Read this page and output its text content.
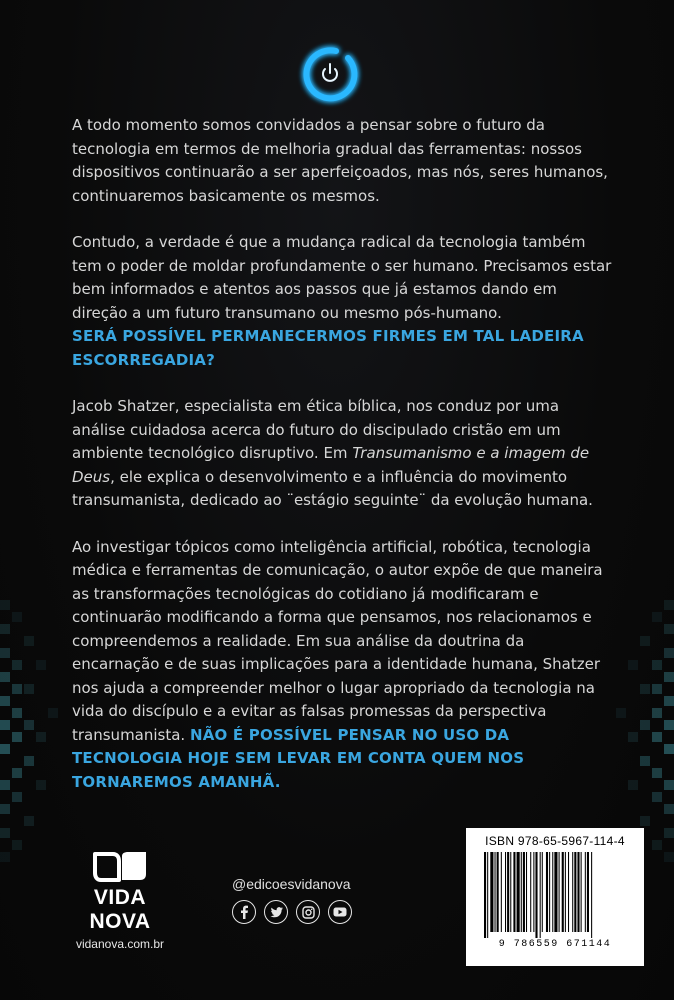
A todo momento somos convidados a pensar sobre o futuro da tecnologia em termos de melhoria gradual das ferramentas: nossos dispositivos continuarão a ser aperfeiçoados, mas nós, seres humanos, continuaremos basicamente os mesmos.

Contudo, a verdade é que a mudança radical da tecnologia também tem o poder de moldar profundamente o ser humano. Precisamos estar bem informados e atentos aos passos que já estamos dando em direção a um futuro transumano ou mesmo pós-humano.
SERÁ POSSÍVEL PERMANECERMOS FIRMES EM TAL LADEIRA ESCORREGADIA?

Jacob Shatzer, especialista em ética bíblica, nos conduz por uma análise cuidadosa acerca do futuro do discipulado cristão em um ambiente tecnológico disruptivo. Em Transumanismo e a imagem de Deus, ele explica o desenvolvimento e a influência do movimento transumanista, dedicado ao ¨estágio seguinte¨ da evolução humana.

Ao investigar tópicos como inteligência artificial, robótica, tecnologia médica e ferramentas de comunicação, o autor expõe de que maneira as transformações tecnológicas do cotidiano já modificaram e continuarão modificando a forma que pensamos, nos relacionamos e compreendemos a realidade. Em sua análise da doutrina da encarnação e de suas implicações para a identidade humana, Shatzer nos ajuda a compreender melhor o lugar apropriado da tecnologia na vida do discípulo e a evitar as falsas promessas da perspectiva transumanista. NÃO É POSSÍVEL PENSAR NO USO DA TECNOLOGIA HOJE SEM LEVAR EM CONTA QUEM NOS TORNAREMOS AMANHÃ.

VIDA NOVA
vidanova.com.br
@edicoesvidanova
ISBN 978-65-5967-114-4
9 786559 671144
